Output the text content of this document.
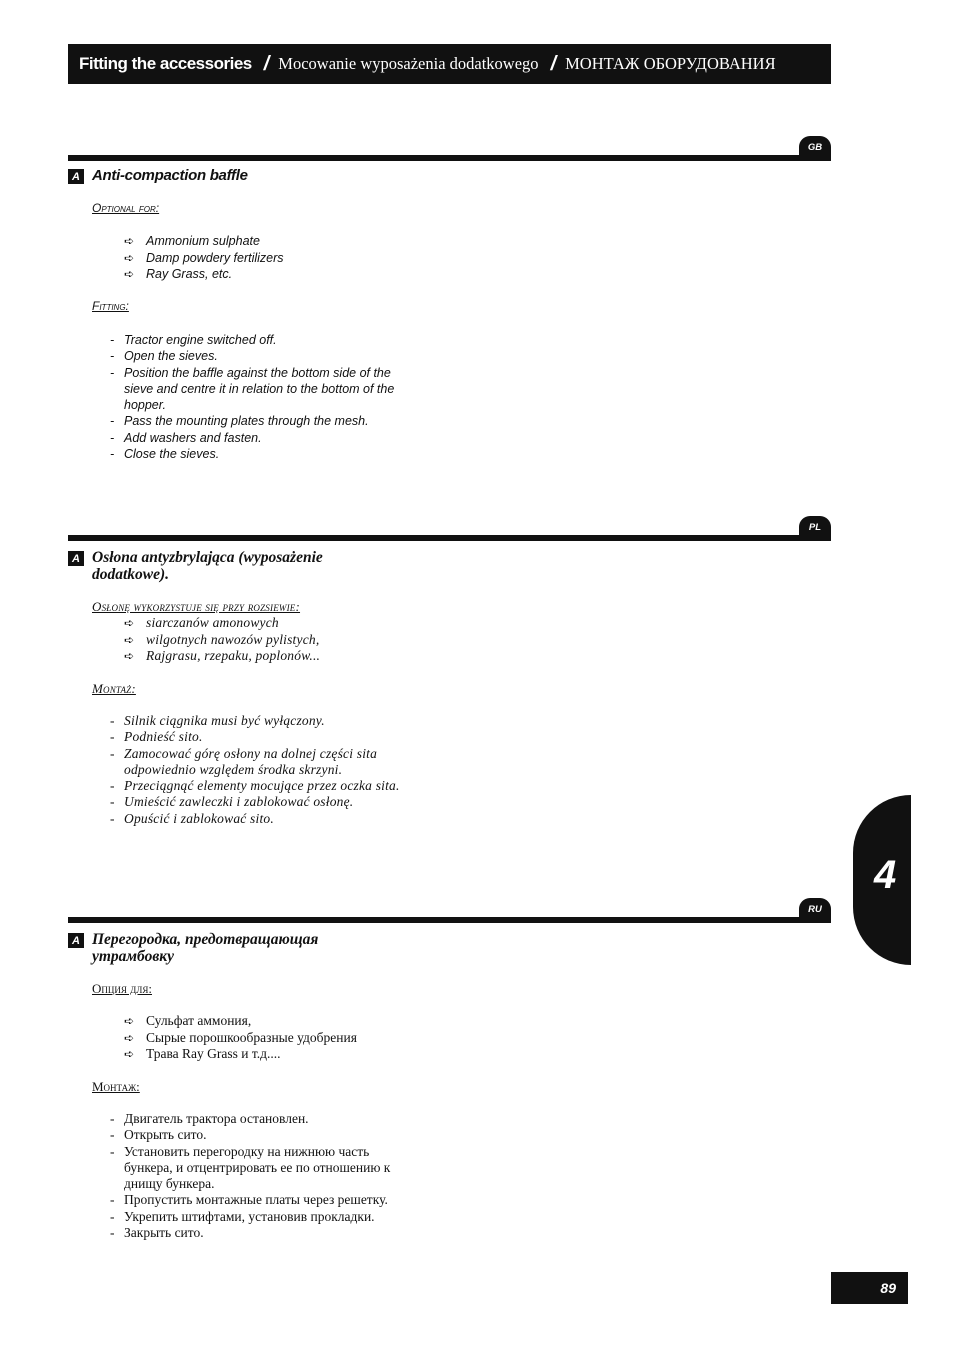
Fitting the accessories / Mocowanie wyposażenia dodatkowego / МОНТАЖ ОБОРУДОВАНИЯ
GB
A Anti-compaction baffle
Optional for:
➪ Ammonium sulphate
➪ Damp powdery fertilizers
➪ Ray Grass, etc.
Fitting:
- Tractor engine switched off.
- Open the sieves.
- Position the baffle against the bottom side of the sieve and centre it in relation to the bottom of the hopper.
- Pass the mounting plates through the mesh.
- Add washers and fasten.
- Close the sieves.
PL
A Osłona antyzbrylająca (wyposażenie dodatkowe).
Osłonę wykorzystuje się przy rozsiewie:
➪ siarczanów amonowych
➪ wilgotnych nawozów pylistych,
➪ Rajgrasu, rzepaku, poplonów...
Montaż:
- Silnik ciągnika musi być wyłączony.
- Podnieść sito.
- Zamocować górę osłony na dolnej części sita odpowiednio względem środka skrzyni.
- Przeciągnąć elementy mocujące przez oczka sita.
- Umieścić zawleczki i zablokować osłonę.
- Opuścić i zablokować sito.
RU
A Перегородка, предотвращающая утрамбовку
Опция для:
➪ Сульфат аммония,
➪ Сырые порошкообразные удобрения
➪ Трава Ray Grass и т.д....
Монтаж:
- Двигатель трактора остановлен.
- Открыть сито.
- Установить перегородку на нижнюю часть бункера, и отцентрировать ее по отношению к днищу бункера.
- Пропустить монтажные платы через решетку.
- Укрепить штифтами, установив прокладки.
- Закрыть сито.
4
89
